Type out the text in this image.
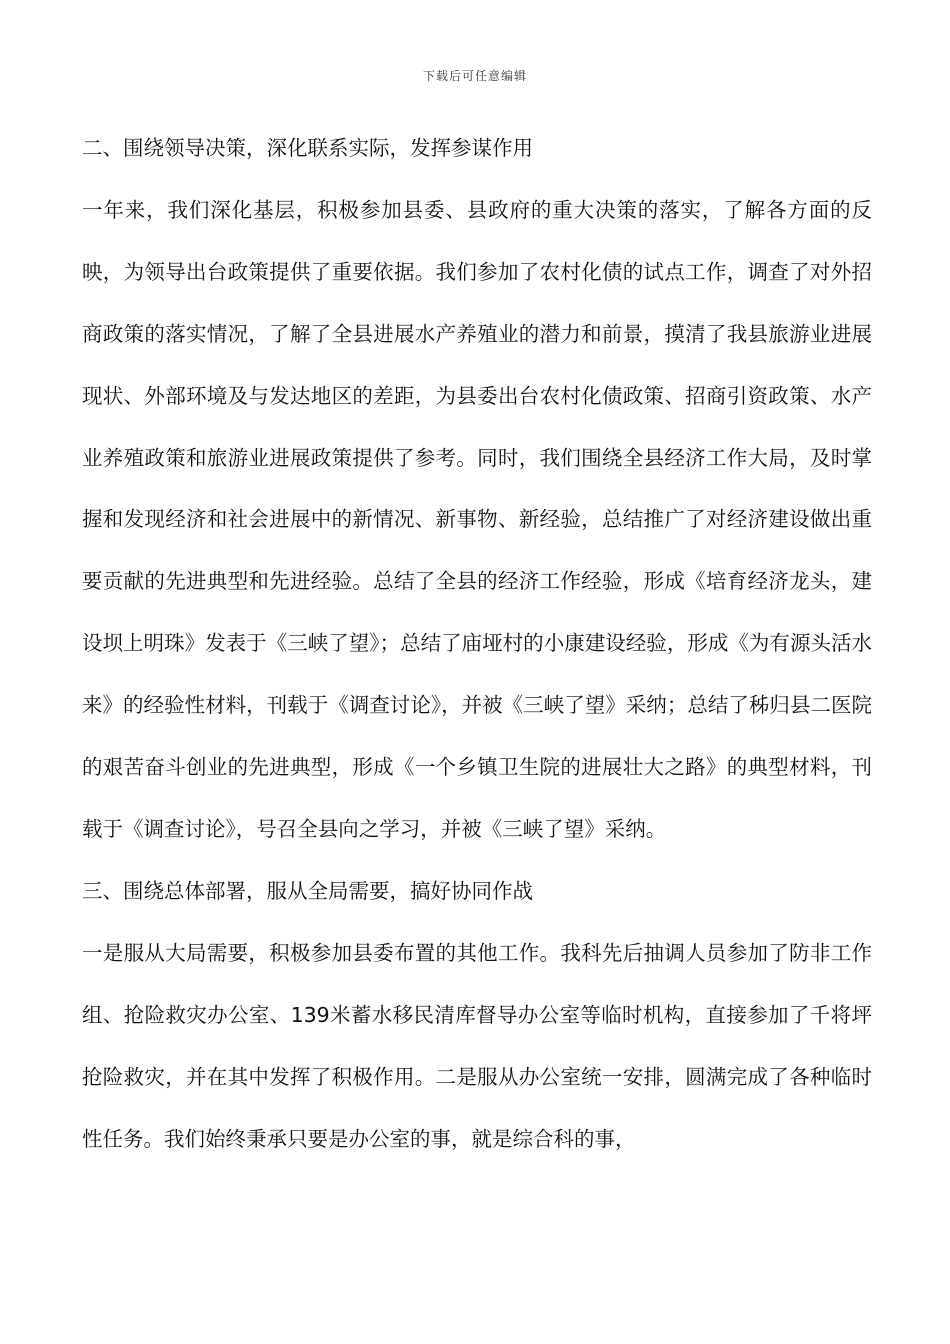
下载后可任意编辑

二、围绕领导决策，深化联系实际，发挥参谋作用

一年来，我们深化基层，积极参加县委、县政府的重大决策的落实，了解各方面的反映，为领导出台政策提供了重要依据。我们参加了农村化债的试点工作，调查了对外招商政策的落实情况，了解了全县进展水产养殖业的潜力和前景，摸清了我县旅游业进展现状、外部环境及与发达地区的差距，为县委出台农村化债政策、招商引资政策、水产业养殖政策和旅游业进展政策提供了参考。同时，我们围绕全县经济工作大局，及时掌握和发现经济和社会进展中的新情况、新事物、新经验，总结推广了对经济建设做出重要贡献的先进典型和先进经验。总结了全县的经济工作经验，形成《培育经济龙头，建设坝上明珠》发表于《三峡了望》；总结了庙垭村的小康建设经验，形成《为有源头活水来》的经验性材料，刊载于《调查讨论》，并被《三峡了望》采纳；总结了秭归县二医院的艰苦奋斗创业的先进典型，形成《一个乡镇卫生院的进展壮大之路》的典型材料，刊载于《调查讨论》，号召全县向之学习，并被《三峡了望》采纳。

三、围绕总体部署，服从全局需要，搞好协同作战

一是服从大局需要，积极参加县委布置的其他工作。我科先后抽调人员参加了防非工作组、抢险救灾办公室、139米蓄水移民清库督导办公室等临时机构，直接参加了千将坪抢险救灾，并在其中发挥了积极作用。二是服从办公室统一安排，圆满完成了各种临时性任务。我们始终秉承只要是办公室的事，就是综合科的事，
